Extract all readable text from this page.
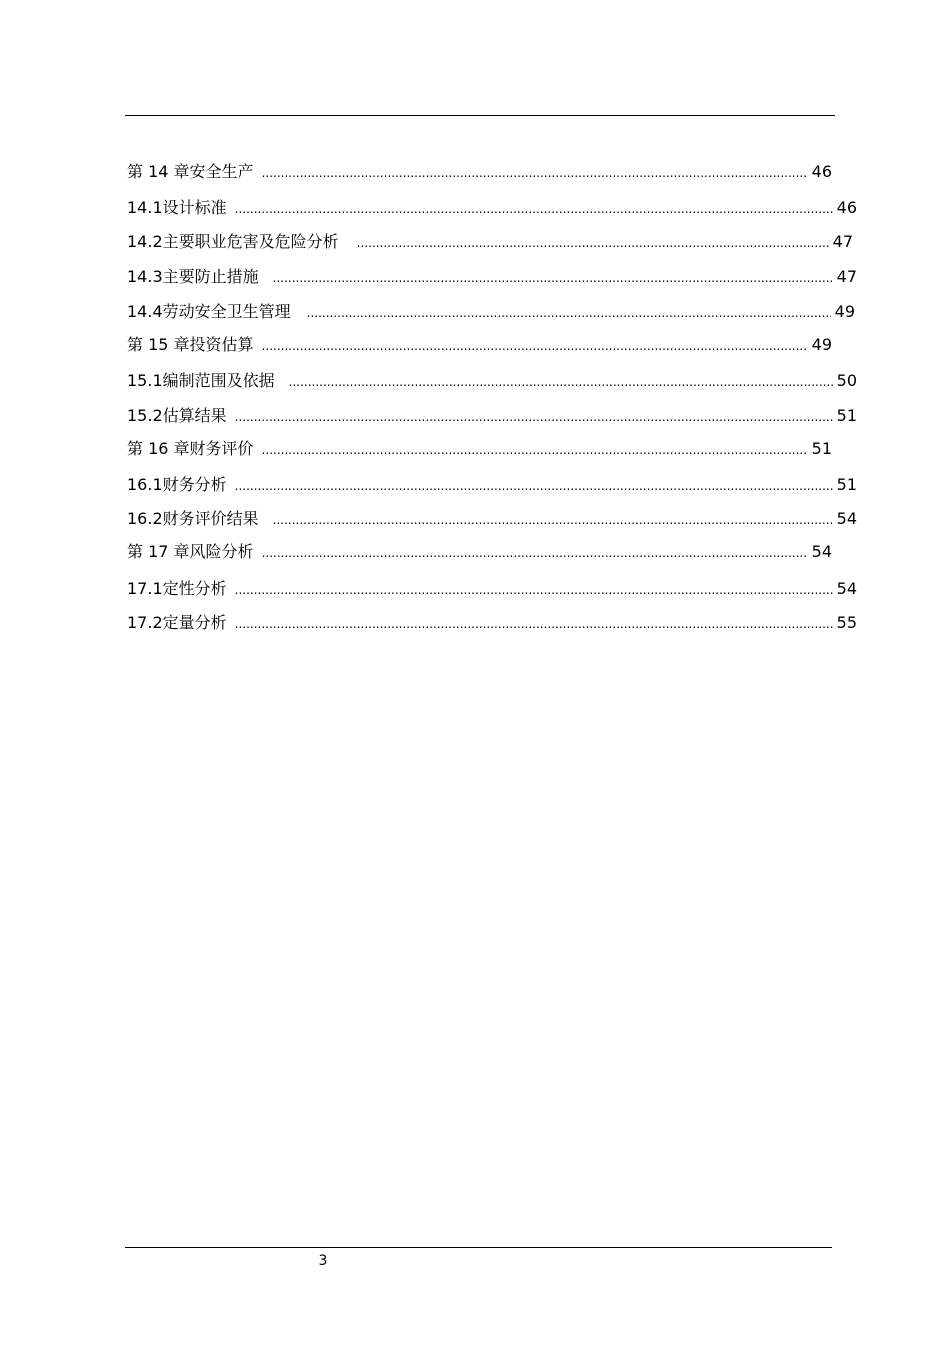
第 14 章 安全生产 .....	46
14.1 设计标准 .....	46
14.2 主要职业危害及危险分析 .....	47
14.3 主要防止措施 .....	47
14.4 劳动安全卫生管理 .....	49
第 15 章 投资估算 .....	49
15.1 编制范围及依据 .....	50
15.2 估算结果 .....	51
第 16 章 财务评价 .....	51
16.1 财务分析 .....	51
16.2 财务评价结果 .....	54
第 17 章 风险分析 .....	54
17.1 定性分析 .....	54
17.2 定量分析 .....	55
3
